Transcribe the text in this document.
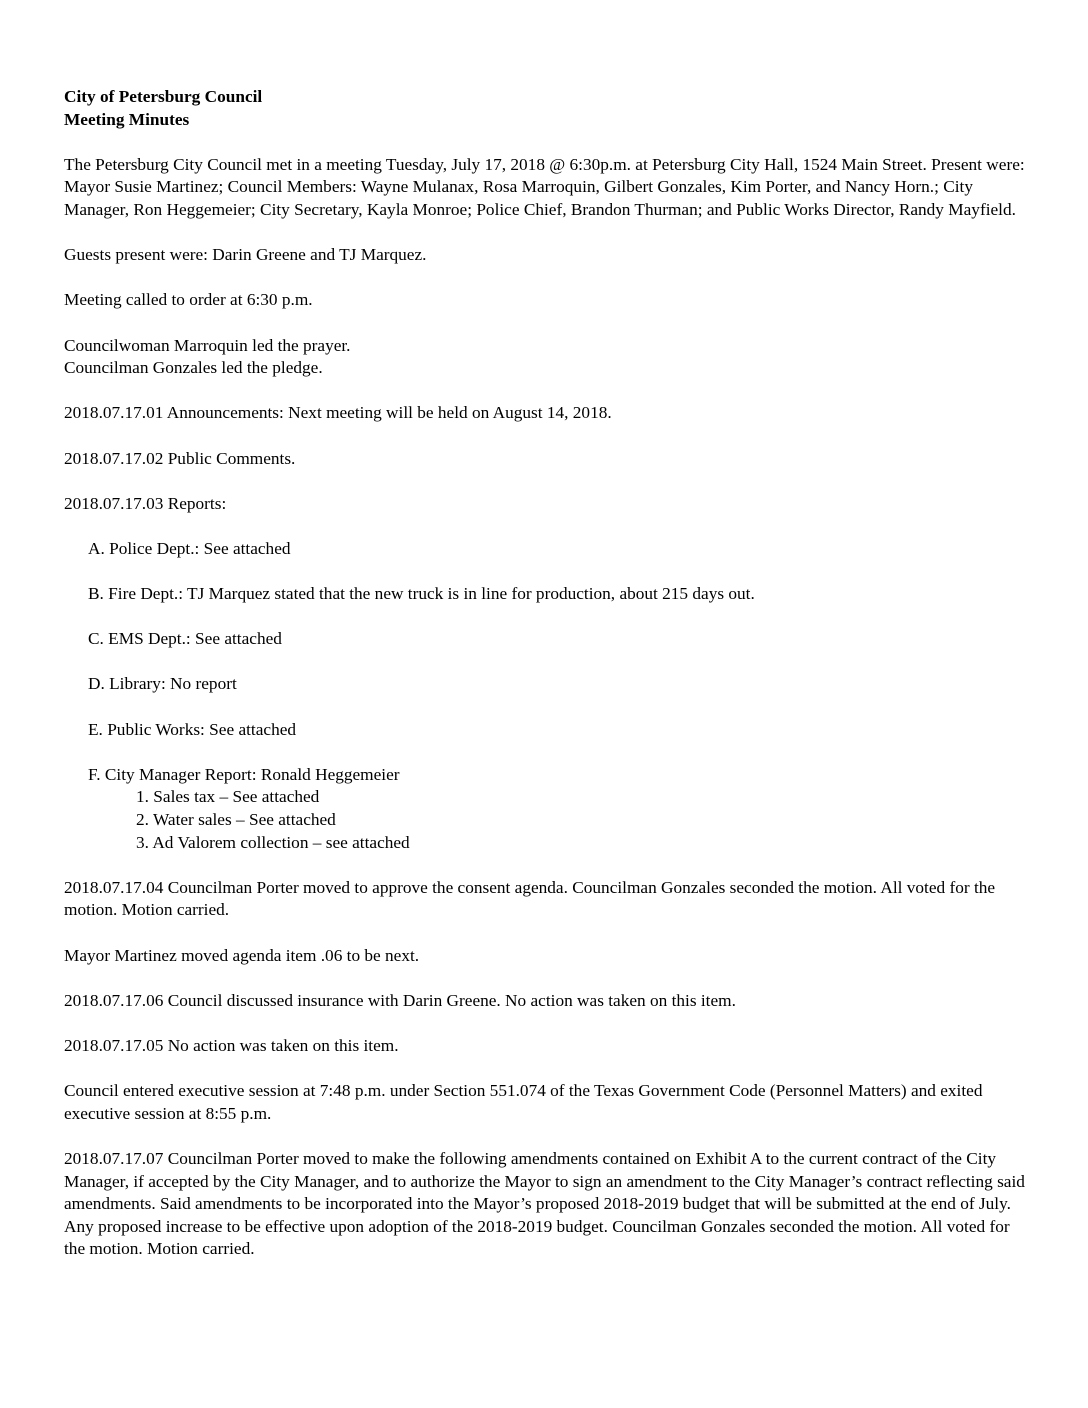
City of Petersburg Council
Meeting Minutes

The Petersburg City Council met in a meeting Tuesday, July 17, 2018 @ 6:30p.m. at Petersburg City Hall, 1524 Main Street. Present were: Mayor Susie Martinez; Council Members: Wayne Mulanax, Rosa Marroquin, Gilbert Gonzales, Kim Porter, and Nancy Horn.; City Manager, Ron Heggemeier; City Secretary, Kayla Monroe; Police Chief, Brandon Thurman; and Public Works Director, Randy Mayfield.

Guests present were: Darin Greene and TJ Marquez.

Meeting called to order at 6:30 p.m.

Councilwoman Marroquin led the prayer.
Councilman Gonzales led the pledge.

2018.07.17.01 Announcements: Next meeting will be held on August 14, 2018.

2018.07.17.02 Public Comments.

2018.07.17.03 Reports:

A. Police Dept.: See attached
B. Fire Dept.: TJ Marquez stated that the new truck is in line for production, about 215 days out.
C. EMS Dept.: See attached
D. Library: No report
E. Public Works: See attached
F. City Manager Report: Ronald Heggemeier
1. Sales tax – See attached
2. Water sales – See attached
3. Ad Valorem collection – see attached

2018.07.17.04 Councilman Porter moved to approve the consent agenda. Councilman Gonzales seconded the motion. All voted for the motion. Motion carried.

Mayor Martinez moved agenda item .06 to be next.

2018.07.17.06 Council discussed insurance with Darin Greene. No action was taken on this item.

2018.07.17.05 No action was taken on this item.

Council entered executive session at 7:48 p.m. under Section 551.074 of the Texas Government Code (Personnel Matters) and exited executive session at 8:55 p.m.

2018.07.17.07 Councilman Porter moved to make the following amendments contained on Exhibit A to the current contract of the City Manager, if accepted by the City Manager, and to authorize the Mayor to sign an amendment to the City Manager’s contract reflecting said amendments. Said amendments to be incorporated into the Mayor’s proposed 2018-2019 budget that will be submitted at the end of July. Any proposed increase to be effective upon adoption of the 2018-2019 budget. Councilman Gonzales seconded the motion. All voted for the motion. Motion carried.
